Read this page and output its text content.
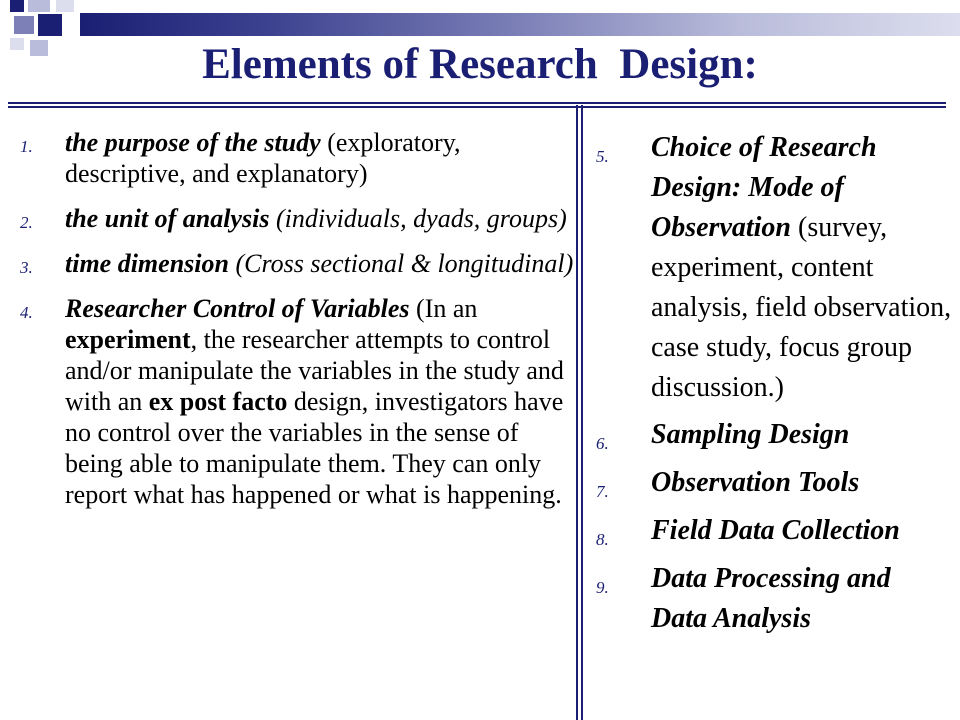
Elements of Research  Design:
1. the purpose of the study (exploratory, descriptive, and explanatory)
2. the unit of analysis (individuals, dyads, groups)
3. time dimension (Cross sectional & longitudinal)
4. Researcher Control of Variables (In an experiment, the researcher attempts to control and/or manipulate the variables in the study and with an ex post facto design, investigators have no control over the variables in the sense of being able to manipulate them. They can only report what has happened or what is happening.
5. Choice of Research Design: Mode of Observation (survey, experiment, content analysis, field observation, case study, focus group discussion.)
6. Sampling Design
7. Observation Tools
8. Field Data Collection
9. Data Processing and Data Analysis
